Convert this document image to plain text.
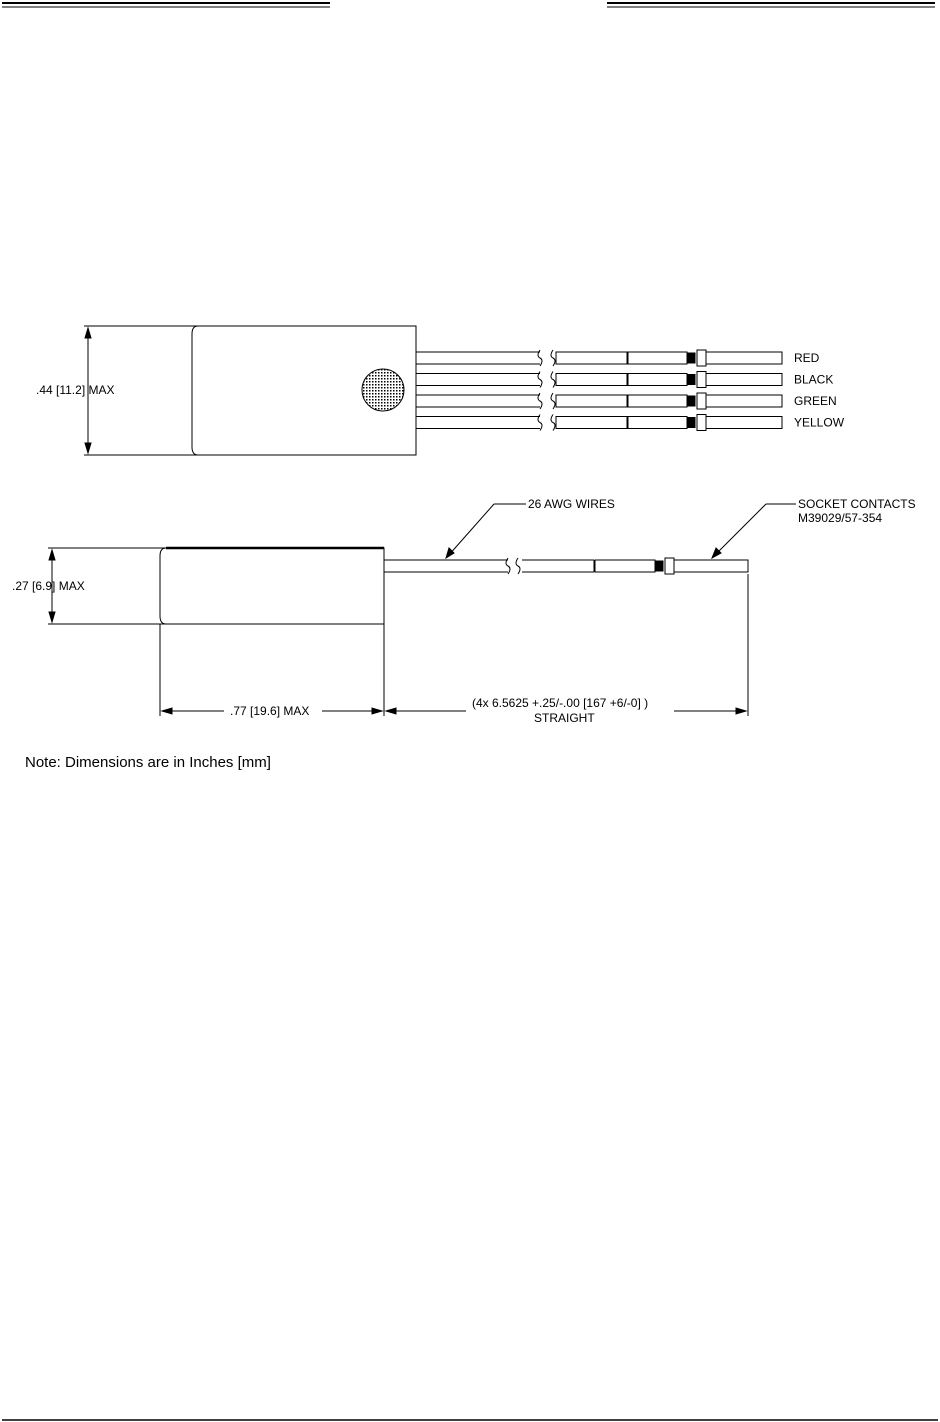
.44 [11.2] MAX
RED
BLACK
GREEN
YELLOW
.27 [6.9] MAX
.77 [19.6] MAX
(4x 6.5625 +.25/-.00 [167 +6/-0] )
STRAIGHT
26 AWG WIRES	SOCKET CONTACTS
M39029/57-354
Note: Dimensions are in Inches [mm]
